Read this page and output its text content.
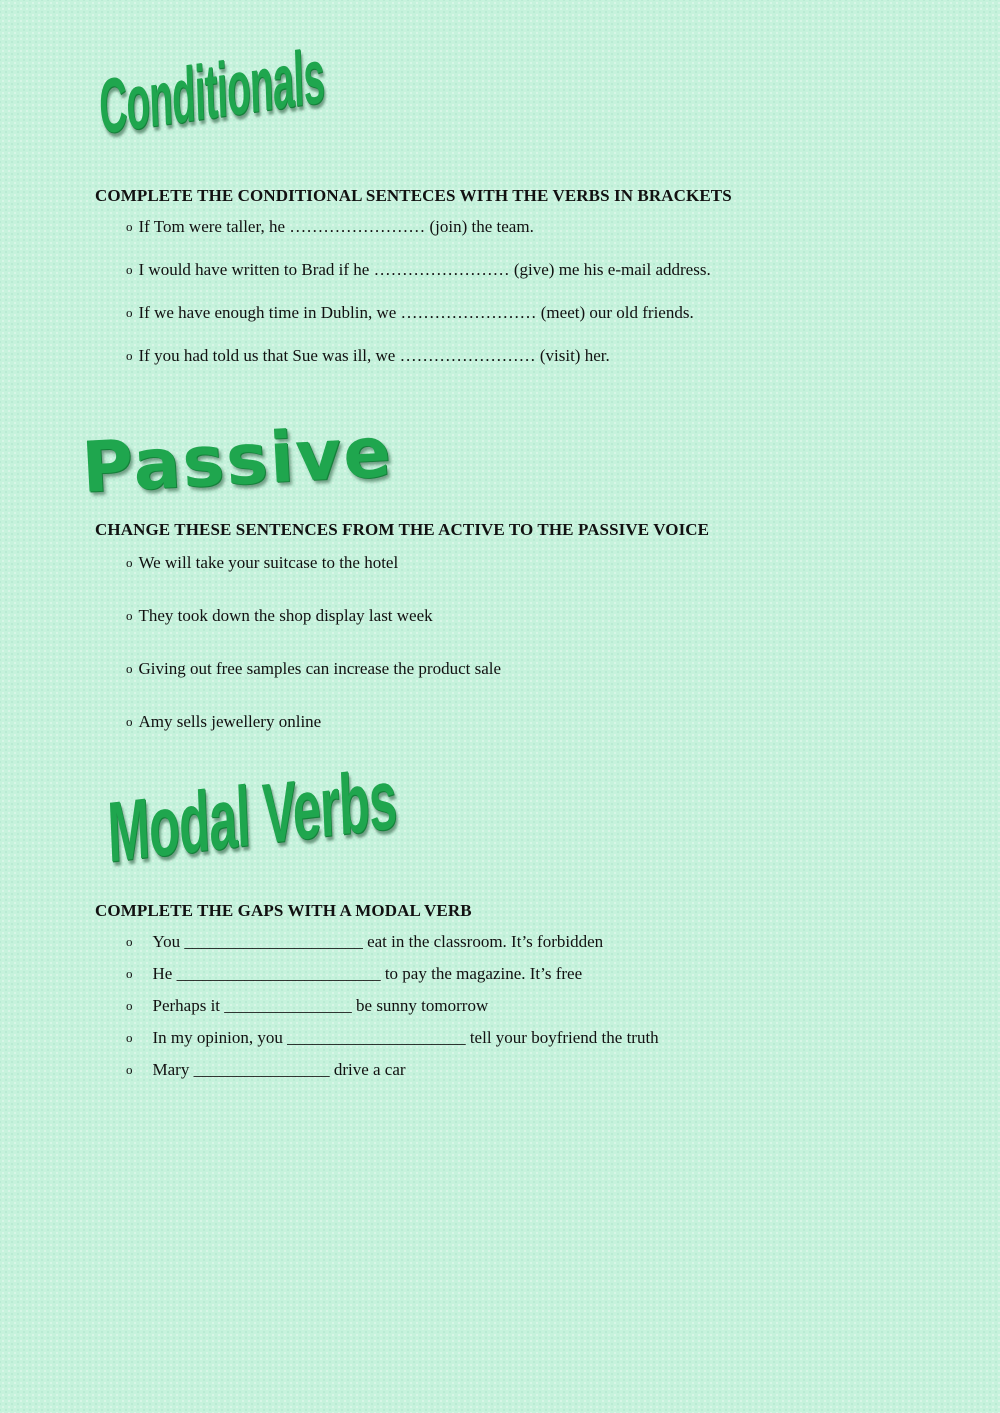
Conditionals

COMPLETE THE CONDITIONAL SENTECES WITH THE VERBS IN BRACKETS

o If Tom were taller, he …………………… (join) the team.
o I would have written to Brad if he …………………… (give) me his e-mail address.
o If we have enough time in Dublin, we …………………… (meet) our old friends.
o If you had told us that Sue was ill, we …………………… (visit) her.
Passive

CHANGE THESE SENTENCES FROM THE ACTIVE TO THE PASSIVE VOICE

o We will take your suitcase to the hotel
o They took down the shop display last week
o Giving out free samples can increase the product sale
o Amy sells jewellery online
Modal Verbs

COMPLETE THE GAPS WITH A MODAL VERB

o You _____________________ eat in the classroom. It’s forbidden
o He ________________________ to pay the magazine. It’s free
o Perhaps it _______________ be sunny tomorrow
o In my opinion, you _____________________ tell your boyfriend the truth
o Mary ________________ drive a car
